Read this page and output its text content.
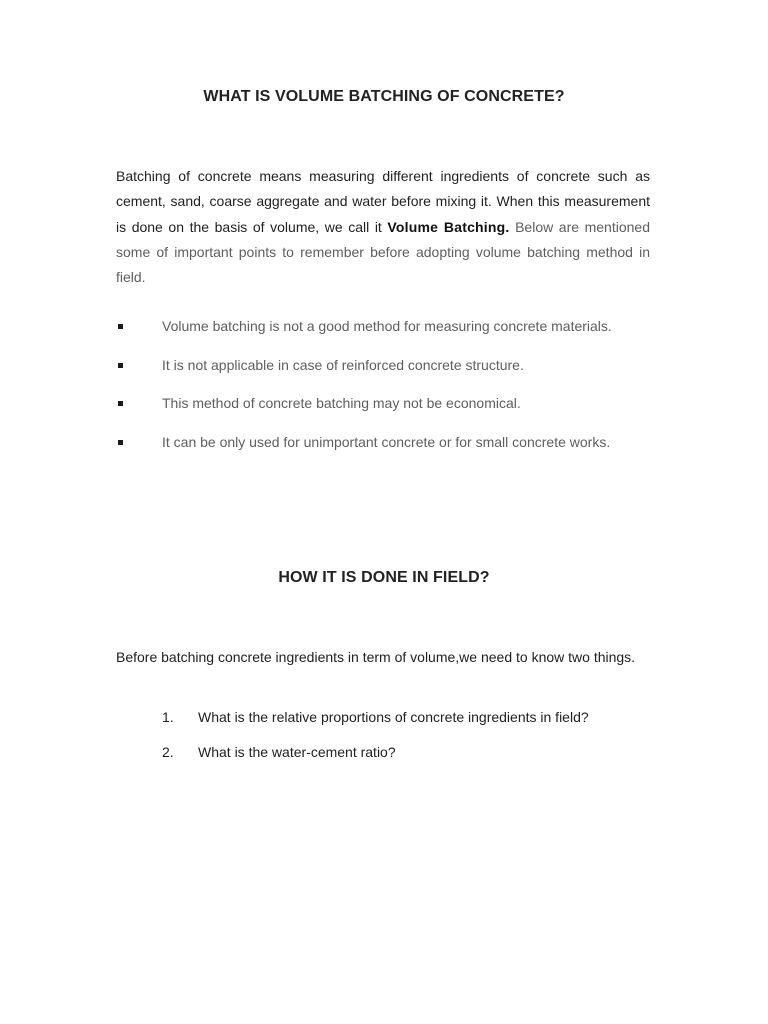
WHAT IS VOLUME BATCHING OF CONCRETE?
Batching of concrete means measuring different ingredients of concrete such as cement, sand, coarse aggregate and water before mixing it. When this measurement is done on the basis of volume, we call it Volume Batching. Below are mentioned some of important points to remember before adopting volume batching method in field.
Volume batching is not a good method for measuring concrete materials.
It is not applicable in case of reinforced concrete structure.
This method of concrete batching may not be economical.
It can be only used for unimportant concrete or for small concrete works.
HOW IT IS DONE IN FIELD?
Before batching concrete ingredients in term of volume,we need to know two things.
1. What is the relative proportions of concrete ingredients in field?
2. What is the water-cement ratio?
